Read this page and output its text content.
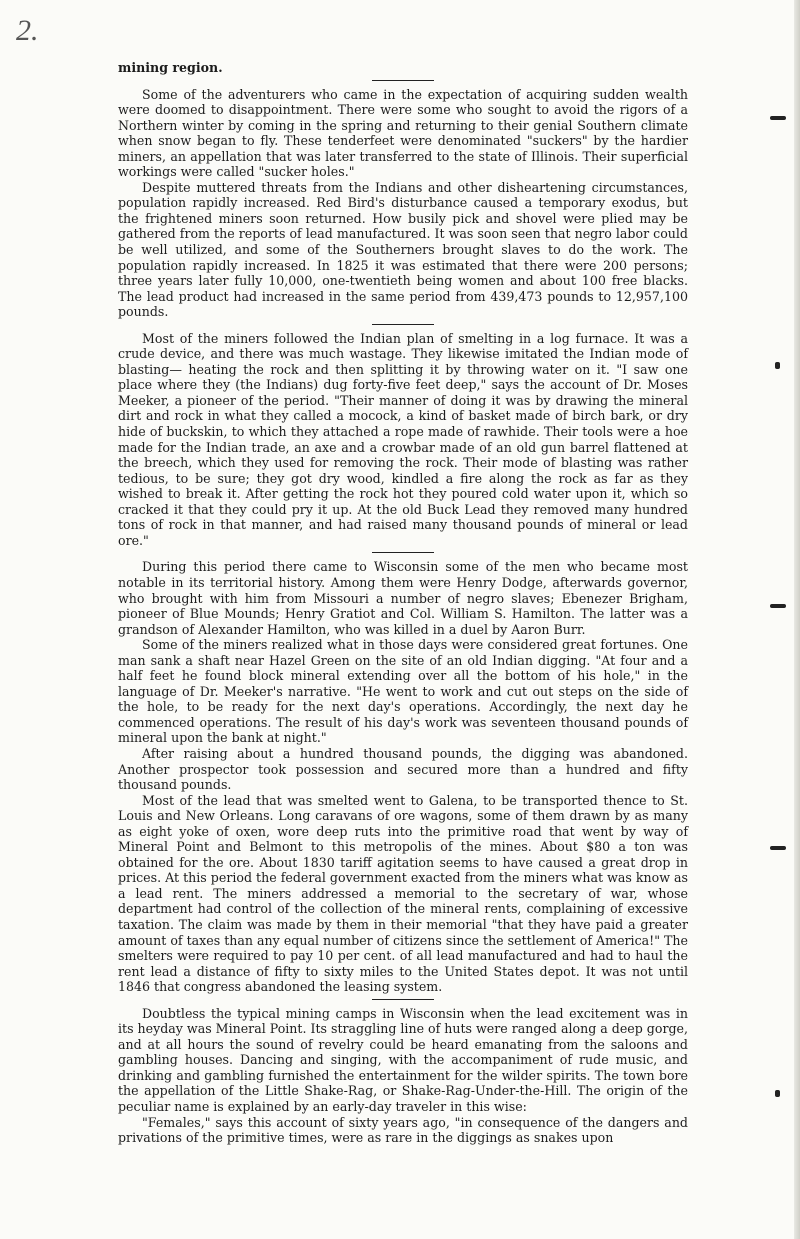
2.

mining region.

Some of the adventurers who came in the expectation of acquiring sudden wealth were doomed to disappointment. There were some who sought to avoid the rigors of a Northern winter by coming in the spring and returning to their genial Southern climate when snow began to fly. These tenderfeet were denominated "suckers" by the hardier miners, an appellation that was later transferred to the state of Illinois. Their superficial workings were called "sucker holes."

Despite muttered threats from the Indians and other disheartening circumstances, population rapidly increased. Red Bird's disturbance caused a temporary exodus, but the frightened miners soon returned. How busily pick and shovel were plied may be gathered from the reports of lead manufactured. It was soon seen that negro labor could be well utilized, and some of the Southerners brought slaves to do the work. The population rapidly increased. In 1825 it was estimated that there were 200 persons; three years later fully 10,000, one-twentieth being women and about 100 free blacks. The lead product had increased in the same period from 439,473 pounds to 12,957,100 pounds.

Most of the miners followed the Indian plan of smelting in a log furnace. It was a crude device, and there was much wastage. They likewise imitated the Indian mode of blasting— heating the rock and then splitting it by throwing water on it. "I saw one place where they (the Indians) dug forty-five feet deep," says the account of Dr. Moses Meeker, a pioneer of the period. "Their manner of doing it was by drawing the mineral dirt and rock in what they called a mocock, a kind of basket made of birch bark, or dry hide of buckskin, to which they attached a rope made of rawhide. Their tools were a hoe made for the Indian trade, an axe and a crowbar made of an old gun barrel flattened at the breech, which they used for removing the rock. Their mode of blasting was rather tedious, to be sure; they got dry wood, kindled a fire along the rock as far as they wished to break it. After getting the rock hot they poured cold water upon it, which so cracked it that they could pry it up. At the old Buck Lead they removed many hundred tons of rock in that manner, and had raised many thousand pounds of mineral or lead ore."

During this period there came to Wisconsin some of the men who became most notable in its territorial history. Among them were Henry Dodge, afterwards governor, who brought with him from Missouri a number of negro slaves; Ebenezer Brigham, pioneer of Blue Mounds; Henry Gratiot and Col. William S. Hamilton. The latter was a grandson of Alexander Hamilton, who was killed in a duel by Aaron Burr.

Some of the miners realized what in those days were considered great fortunes. One man sank a shaft near Hazel Green on the site of an old Indian digging. "At four and a half feet he found block mineral extending over all the bottom of his hole," in the language of Dr. Meeker's narrative. "He went to work and cut out steps on the side of the hole, to be ready for the next day's operations. Accordingly, the next day he commenced operations. The result of his day's work was seventeen thousand pounds of mineral upon the bank at night."

After raising about a hundred thousand pounds, the digging was abandoned. Another prospector took possession and secured more than a hundred and fifty thousand pounds.

Most of the lead that was smelted went to Galena, to be transported thence to St. Louis and New Orleans. Long caravans of ore wagons, some of them drawn by as many as eight yoke of oxen, wore deep ruts into the primitive road that went by way of Mineral Point and Belmont to this metropolis of the mines. About $80 a ton was obtained for the ore. About 1830 tariff agitation seems to have caused a great drop in prices. At this period the federal government exacted from the miners what was know as a lead rent. The miners addressed a memorial to the secretary of war, whose department had control of the collection of the mineral rents, complaining of excessive taxation. The claim was made by them in their memorial "that they have paid a greater amount of taxes than any equal number of citizens since the settlement of America!" The smelters were required to pay 10 per cent. of all lead manufactured and had to haul the rent lead a distance of fifty to sixty miles to the United States depot. It was not until 1846 that congress abandoned the leasing system.

Doubtless the typical mining camps in Wisconsin when the lead excitement was in its heyday was Mineral Point. Its straggling line of huts were ranged along a deep gorge, and at all hours the sound of revelry could be heard emanating from the saloons and gambling houses. Dancing and singing, with the accompaniment of rude music, and drinking and gambling furnished the entertainment for the wilder spirits. The town bore the appellation of the Little Shake-Rag, or Shake-Rag-Under-the-Hill. The origin of the peculiar name is explained by an early-day traveler in this wise:

"Females," says this account of sixty years ago, "in consequence of the dangers and privations of the primitive times, were as rare in the diggings as snakes upon
